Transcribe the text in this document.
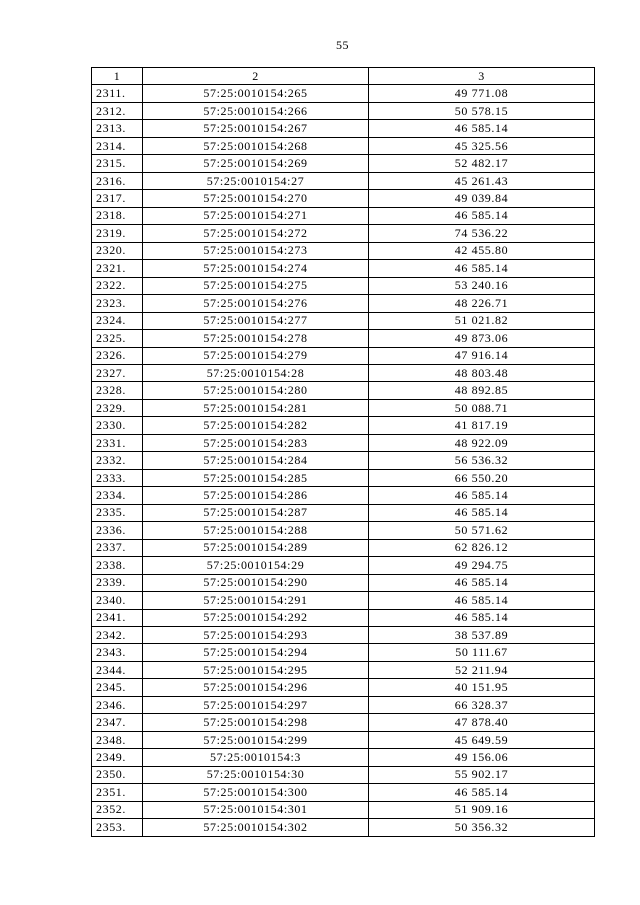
55
1	2	3
2311.	57:25:0010154:265	49 771.08
2312.	57:25:0010154:266	50 578.15
2313.	57:25:0010154:267	46 585.14
2314.	57:25:0010154:268	45 325.56
2315.	57:25:0010154:269	52 482.17
2316.	57:25:0010154:27	45 261.43
2317.	57:25:0010154:270	49 039.84
2318.	57:25:0010154:271	46 585.14
2319.	57:25:0010154:272	74 536.22
2320.	57:25:0010154:273	42 455.80
2321.	57:25:0010154:274	46 585.14
2322.	57:25:0010154:275	53 240.16
2323.	57:25:0010154:276	48 226.71
2324.	57:25:0010154:277	51 021.82
2325.	57:25:0010154:278	49 873.06
2326.	57:25:0010154:279	47 916.14
2327.	57:25:0010154:28	48 803.48
2328.	57:25:0010154:280	48 892.85
2329.	57:25:0010154:281	50 088.71
2330.	57:25:0010154:282	41 817.19
2331.	57:25:0010154:283	48 922.09
2332.	57:25:0010154:284	56 536.32
2333.	57:25:0010154:285	66 550.20
2334.	57:25:0010154:286	46 585.14
2335.	57:25:0010154:287	46 585.14
2336.	57:25:0010154:288	50 571.62
2337.	57:25:0010154:289	62 826.12
2338.	57:25:0010154:29	49 294.75
2339.	57:25:0010154:290	46 585.14
2340.	57:25:0010154:291	46 585.14
2341.	57:25:0010154:292	46 585.14
2342.	57:25:0010154:293	38 537.89
2343.	57:25:0010154:294	50 111.67
2344.	57:25:0010154:295	52 211.94
2345.	57:25:0010154:296	40 151.95
2346.	57:25:0010154:297	66 328.37
2347.	57:25:0010154:298	47 878.40
2348.	57:25:0010154:299	45 649.59
2349.	57:25:0010154:3	49 156.06
2350.	57:25:0010154:30	55 902.17
2351.	57:25:0010154:300	46 585.14
2352.	57:25:0010154:301	51 909.16
2353.	57:25:0010154:302	50 356.32
